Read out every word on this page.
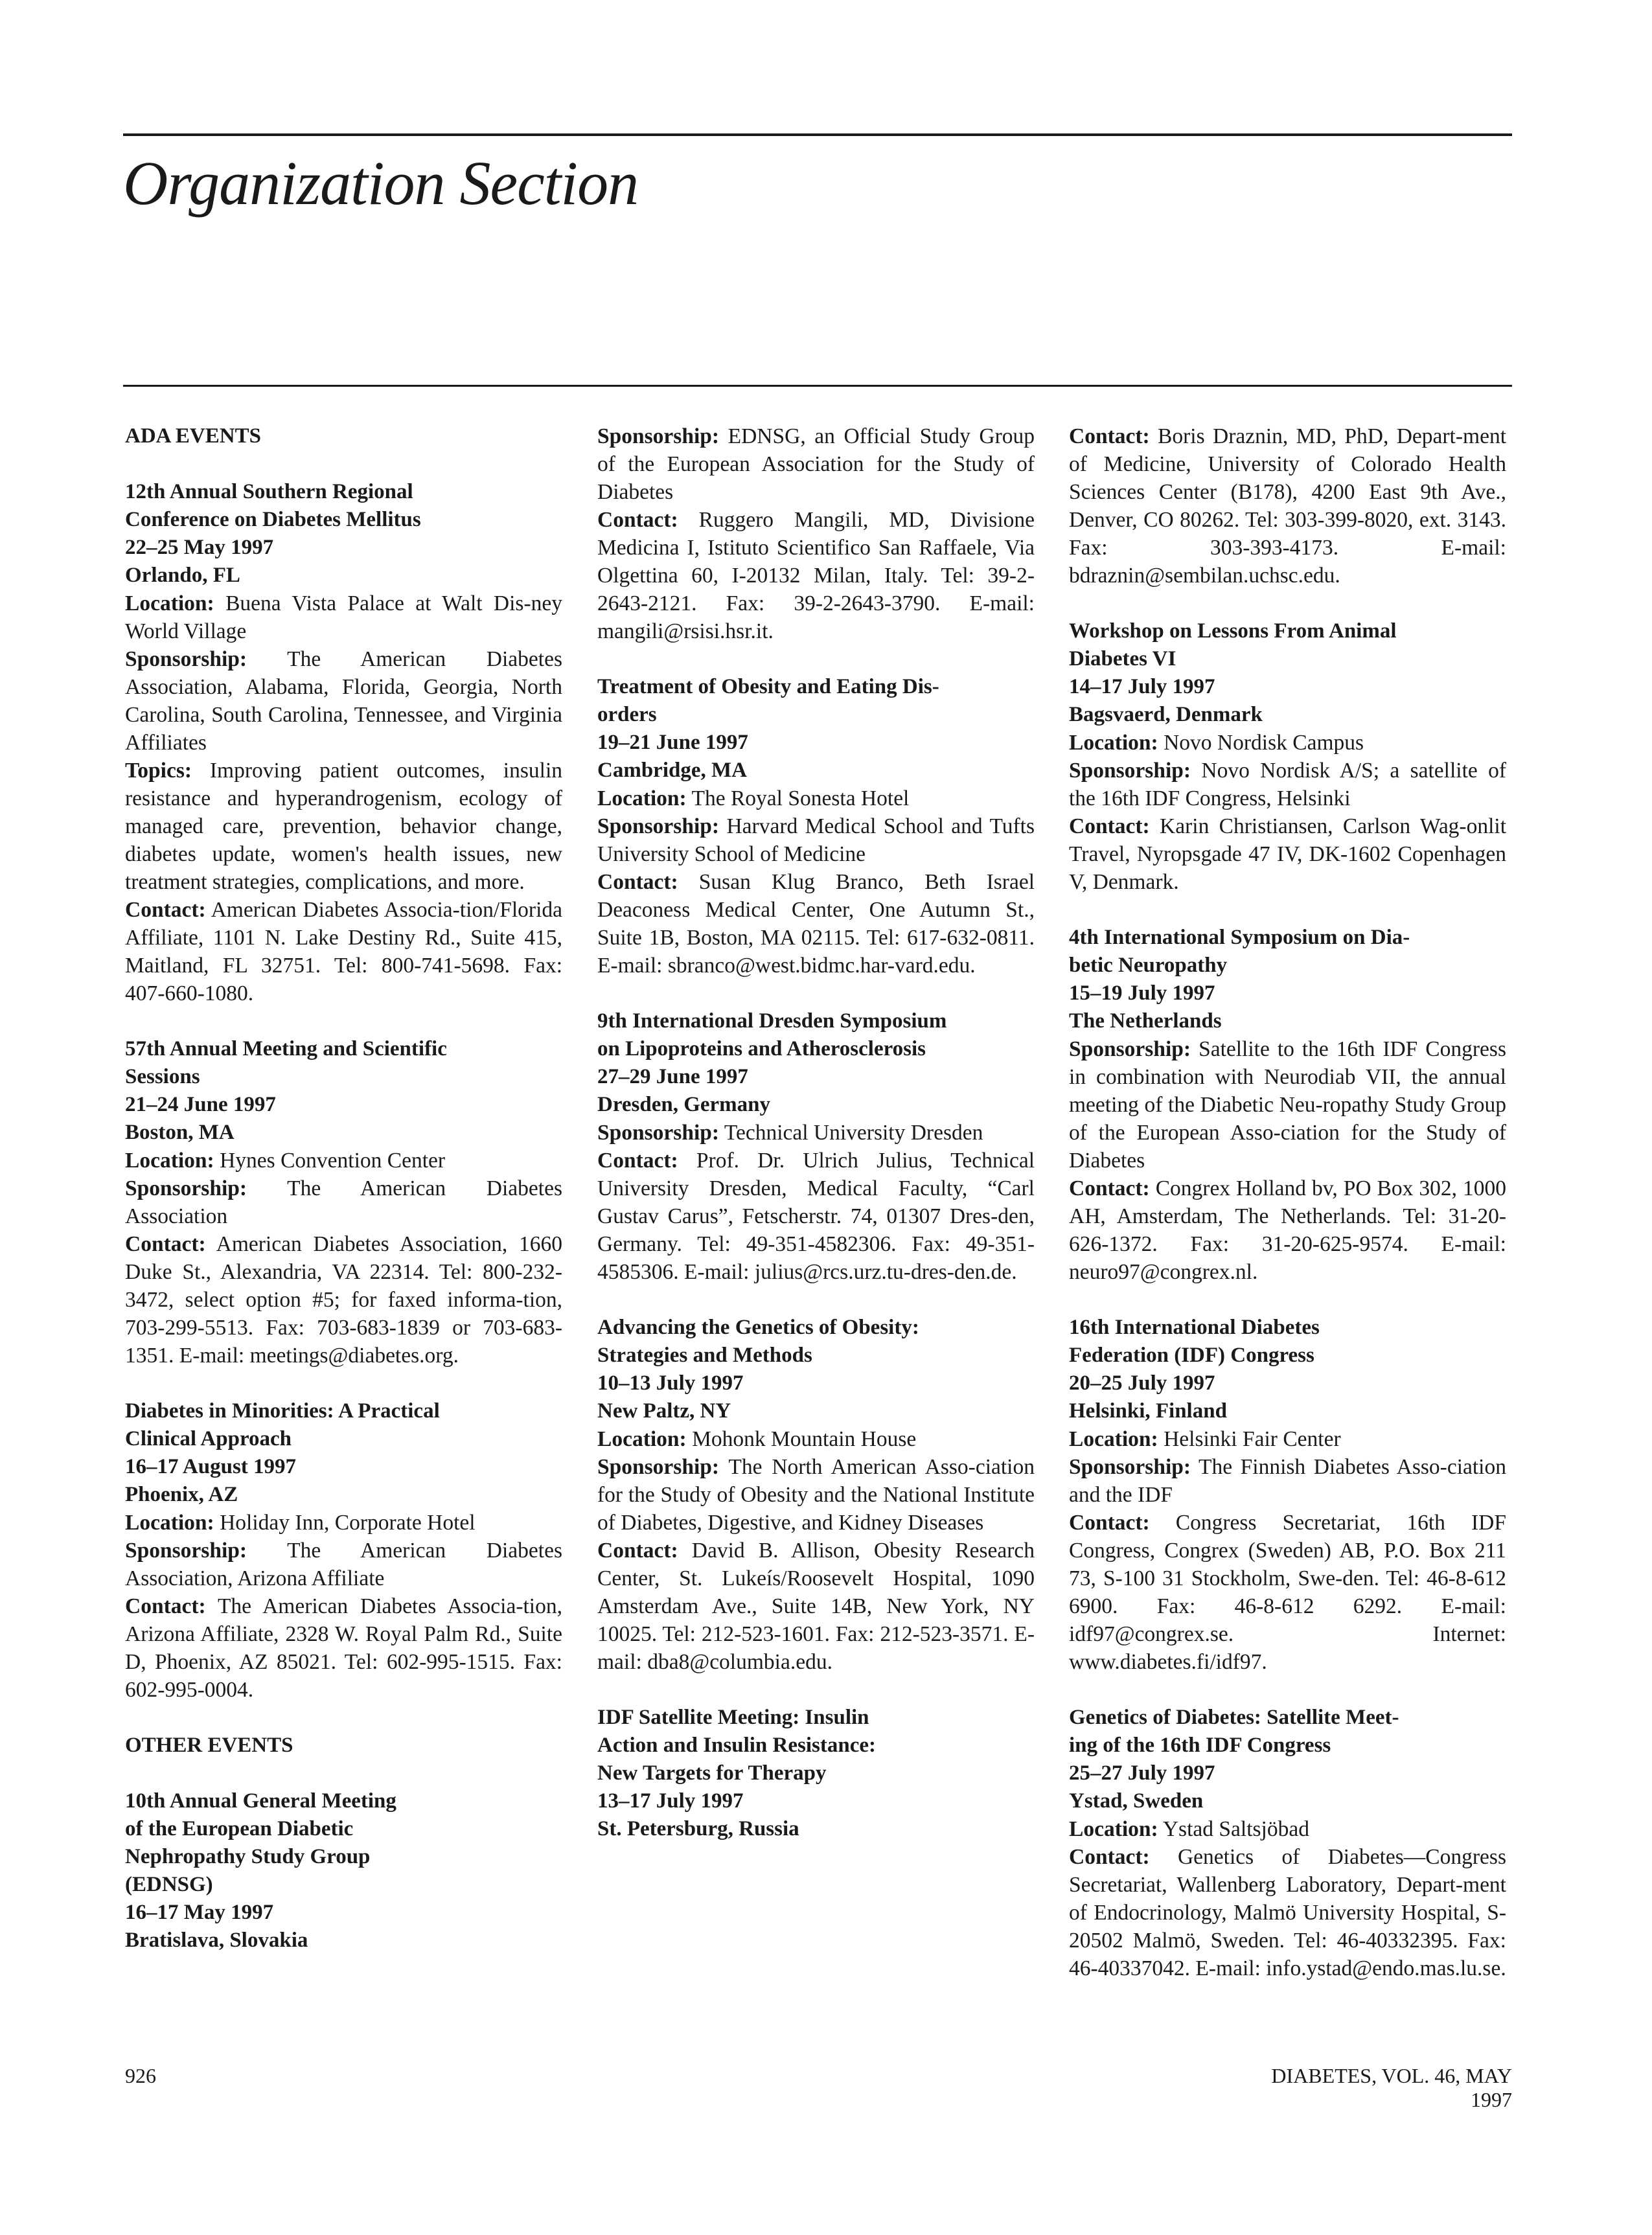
Organization Section
ADA EVENTS
12th Annual Southern Regional
Conference on Diabetes Mellitus
22–25 May 1997
Orlando, FL
Location: Buena Vista Palace at Walt Dis-ney World Village
Sponsorship: The American Diabetes Association, Alabama, Florida, Georgia, North Carolina, South Carolina, Tennessee, and Virginia Affiliates
Topics: Improving patient outcomes, insulin resistance and hyperandrogenism, ecology of managed care, prevention, behavior change, diabetes update, women's health issues, new treatment strategies, complications, and more.
Contact: American Diabetes Associa-tion/Florida Affiliate, 1101 N. Lake Destiny Rd., Suite 415, Maitland, FL 32751. Tel: 800-741-5698. Fax: 407-660-1080.
57th Annual Meeting and Scientific
Sessions
21–24 June 1997
Boston, MA
Location: Hynes Convention Center
Sponsorship: The American Diabetes Association
Contact: American Diabetes Association, 1660 Duke St., Alexandria, VA 22314. Tel: 800-232-3472, select option #5; for faxed informa-tion, 703-299-5513. Fax: 703-683-1839 or 703-683-1351. E-mail: meetings@diabetes.org.
Diabetes in Minorities: A Practical
Clinical Approach
16–17 August 1997
Phoenix, AZ
Location: Holiday Inn, Corporate Hotel
Sponsorship: The American Diabetes Association, Arizona Affiliate
Contact: The American Diabetes Associa-tion, Arizona Affiliate, 2328 W. Royal Palm Rd., Suite D, Phoenix, AZ 85021. Tel: 602-995-1515. Fax: 602-995-0004.
OTHER EVENTS
10th Annual General Meeting
of the European Diabetic
Nephropathy Study Group
(EDNSG)
16–17 May 1997
Bratislava, Slovakia
Sponsorship: EDNSG, an Official Study Group of the European Association for the Study of Diabetes
Contact: Ruggero Mangili, MD, Divisione Medicina I, Istituto Scientifico San Raffaele, Via Olgettina 60, I-20132 Milan, Italy. Tel: 39-2-2643-2121. Fax: 39-2-2643-3790. E-mail: mangili@rsisi.hsr.it.
Treatment of Obesity and Eating Dis-
orders
19–21 June 1997
Cambridge, MA
Location: The Royal Sonesta Hotel
Sponsorship: Harvard Medical School and Tufts University School of Medicine
Contact: Susan Klug Branco, Beth Israel Deaconess Medical Center, One Autumn St., Suite 1B, Boston, MA 02115. Tel: 617-632-0811. E-mail: sbranco@west.bidmc.har-vard.edu.
9th International Dresden Symposium
on Lipoproteins and Atherosclerosis
27–29 June 1997
Dresden, Germany
Sponsorship: Technical University Dresden
Contact: Prof. Dr. Ulrich Julius, Technical University Dresden, Medical Faculty, “Carl Gustav Carus”, Fetscherstr. 74, 01307 Dres-den, Germany. Tel: 49-351-4582306. Fax: 49-351-4585306. E-mail: julius@rcs.urz.tu-dres-den.de.
Advancing the Genetics of Obesity:
Strategies and Methods
10–13 July 1997
New Paltz, NY
Location: Mohonk Mountain House
Sponsorship: The North American Asso-ciation for the Study of Obesity and the National Institute of Diabetes, Digestive, and Kidney Diseases
Contact: David B. Allison, Obesity Research Center, St. Lukeís/Roosevelt Hospital, 1090 Amsterdam Ave., Suite 14B, New York, NY 10025. Tel: 212-523-1601. Fax: 212-523-3571. E-mail: dba8@columbia.edu.
IDF Satellite Meeting: Insulin
Action and Insulin Resistance:
New Targets for Therapy
13–17 July 1997
St. Petersburg, Russia
Contact: Boris Draznin, MD, PhD, Depart-ment of Medicine, University of Colorado Health Sciences Center (B178), 4200 East 9th Ave., Denver, CO 80262. Tel: 303-399-8020, ext. 3143. Fax: 303-393-4173. E-mail: bdraznin@sembilan.uchsc.edu.
Workshop on Lessons From Animal
Diabetes VI
14–17 July 1997
Bagsvaerd, Denmark
Location: Novo Nordisk Campus
Sponsorship: Novo Nordisk A/S; a satellite of the 16th IDF Congress, Helsinki
Contact: Karin Christiansen, Carlson Wag-onlit Travel, Nyropsgade 47 IV, DK-1602 Copenhagen V, Denmark.
4th International Symposium on Dia-
betic Neuropathy
15–19 July 1997
The Netherlands
Sponsorship: Satellite to the 16th IDF Congress in combination with Neurodiab VII, the annual meeting of the Diabetic Neu-ropathy Study Group of the European Asso-ciation for the Study of Diabetes
Contact: Congrex Holland bv, PO Box 302, 1000 AH, Amsterdam, The Netherlands. Tel: 31-20-626-1372. Fax: 31-20-625-9574. E-mail: neuro97@congrex.nl.
16th International Diabetes
Federation (IDF) Congress
20–25 July 1997
Helsinki, Finland
Location: Helsinki Fair Center
Sponsorship: The Finnish Diabetes Asso-ciation and the IDF
Contact: Congress Secretariat, 16th IDF Congress, Congrex (Sweden) AB, P.O. Box 211 73, S-100 31 Stockholm, Swe-den. Tel: 46-8-612 6900. Fax: 46-8-612 6292. E-mail: idf97@congrex.se. Internet: www.diabetes.fi/idf97.
Genetics of Diabetes: Satellite Meet-
ing of the 16th IDF Congress
25–27 July 1997
Ystad, Sweden
Location: Ystad Saltsjöbad
Contact: Genetics of Diabetes—Congress Secretariat, Wallenberg Laboratory, Depart-ment of Endocrinology, Malmö University Hospital, S-20502 Malmö, Sweden. Tel: 46-40332395. Fax: 46-40337042. E-mail: info.ystad@endo.mas.lu.se.
926	DIABETES, VOL. 46, MAY 1997
